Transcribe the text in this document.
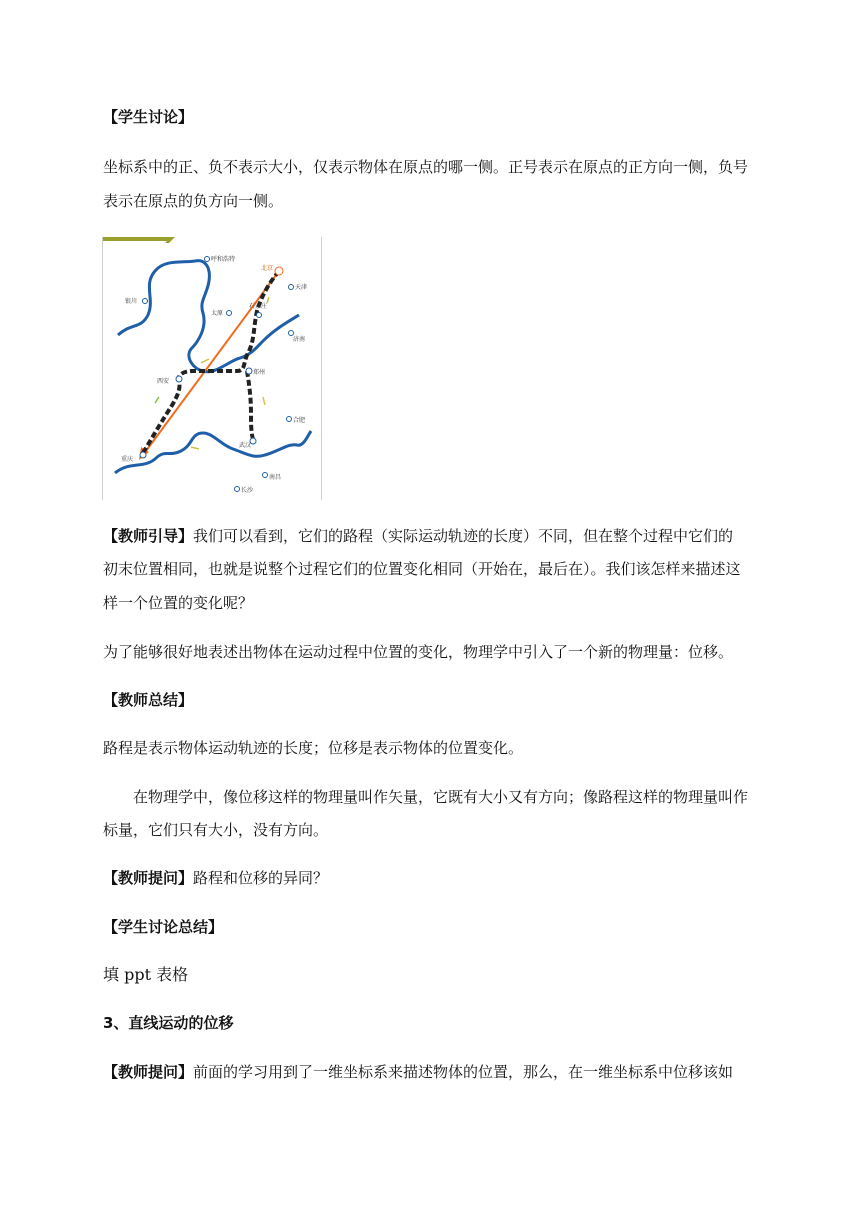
【学生讨论】
坐标系中的正、负不表示大小，仅表示物体在原点的哪一侧。正号表示在原点的正方向一侧，负号
表示在原点的负方向一侧。
呼和浩特
北京
天津
银川
太原
石家庄
济南
西安
郑州
重庆
武汉
合肥
南昌
长沙
【教师引导】我们可以看到，它们的路程（实际运动轨迹的长度）不同，但在整个过程中它们的
初末位置相同，也就是说整个过程它们的位置变化相同（开始在，最后在）。我们该怎样来描述这
样一个位置的变化呢？
为了能够很好地表述出物体在运动过程中位置的变化，物理学中引入了一个新的物理量：位移。
【教师总结】
路程是表示物体运动轨迹的长度；位移是表示物体的位置变化。
在物理学中，像位移这样的物理量叫作矢量，它既有大小又有方向；像路程这样的物理量叫作
标量，它们只有大小，没有方向。
【教师提问】路程和位移的异同？
【学生讨论总结】
填 ppt 表格
3、直线运动的位移
【教师提问】前面的学习用到了一维坐标系来描述物体的位置，那么，在一维坐标系中位移该如
